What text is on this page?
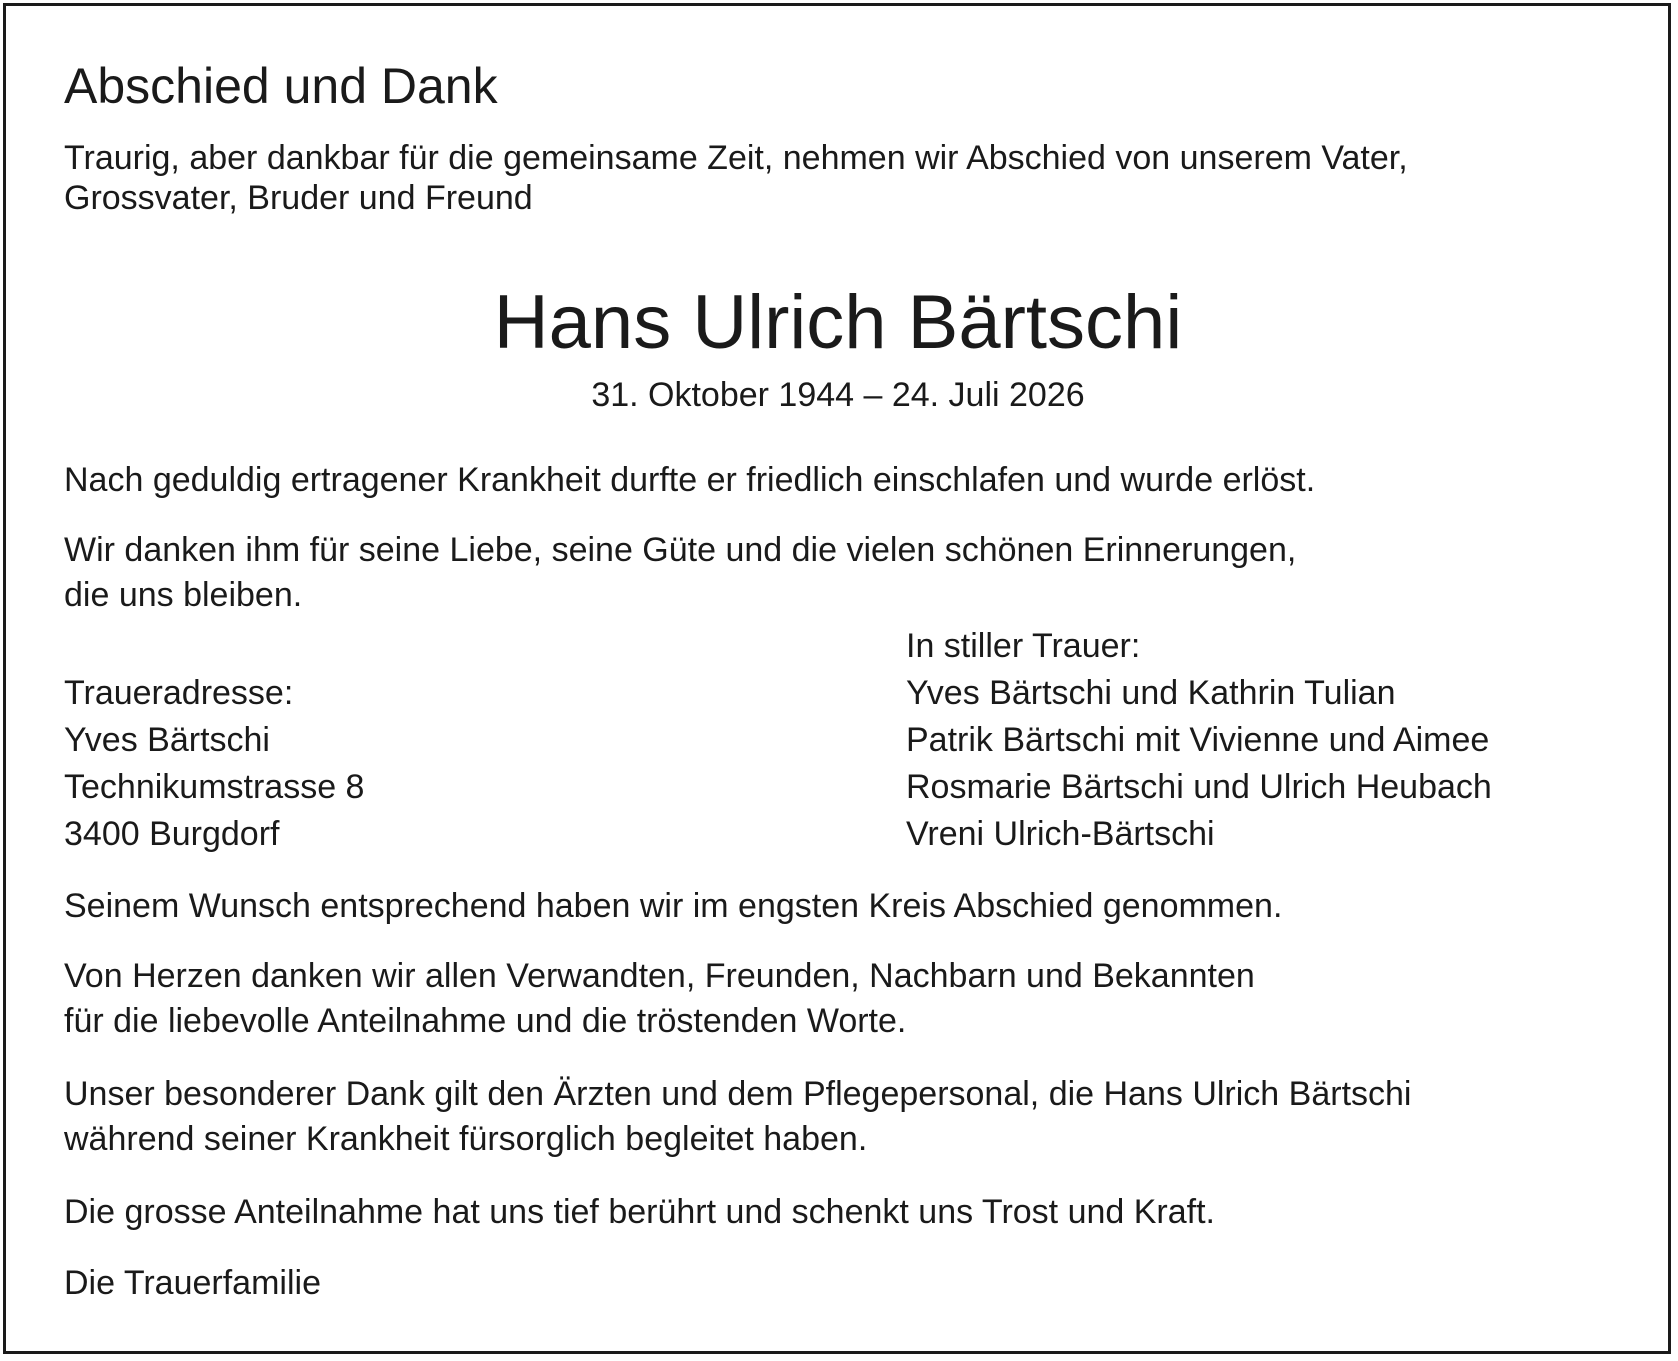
Abschied und Dank

Traurig, aber dankbar für die gemeinsame Zeit, nehmen wir Abschied von unserem Vater,

Grossvater, Bruder und Freund

Hans Ulrich Bärtschi
31. Oktober 1944 – 24. Juli 2026

Nach geduldig ertragener Krankheit durfte er friedlich einschlafen und wurde erlöst.

Wir danken ihm für seine Liebe, seine Güte und die vielen schönen Erinnerungen,

die uns bleiben.

In stiller Trauer:
Yves Bärtschi und Kathrin Tulian
Patrik Bärtschi mit Vivienne und Aimee
Rosmarie Bärtschi und Ulrich Heubach
Vreni Ulrich-Bärtschi
Traueradresse:
Yves Bärtschi
Technikumstrasse 8
3400 Burgdorf

Seinem Wunsch entsprechend haben wir im engsten Kreis Abschied genommen.

Von Herzen danken wir allen Verwandten, Freunden, Nachbarn und Bekannten

für die liebevolle Anteilnahme und die tröstenden Worte.

Unser besonderer Dank gilt den Ärzten und dem Pflegepersonal, die Hans Ulrich Bärtschi

während seiner Krankheit fürsorglich begleitet haben.

Die grosse Anteilnahme hat uns tief berührt und schenkt uns Trost und Kraft.

Die Trauerfamilie
